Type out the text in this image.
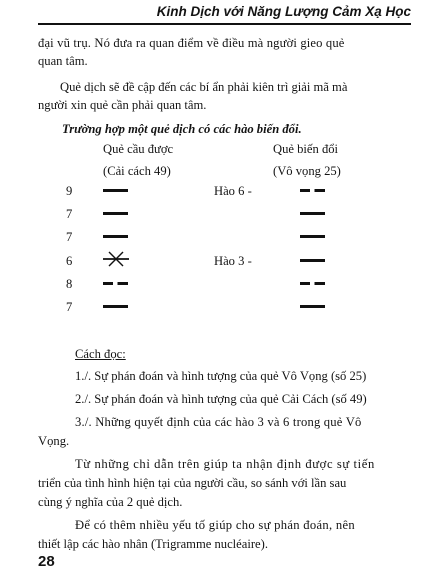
Kinh Dịch với Năng Lượng Cảm Xạ Học

đại vũ trụ. Nó đưa ra quan điểm về điều mà người gieo quẻ

quan tâm.

Quẻ dịch sẽ đề cập đến các bí ẩn phải kiên trì giải mã mà

người xin quẻ cần phải quan tâm.

Trường hợp một quẻ dịch có các hào biến đổi.

Quẻ cầu được
(Cải cách 49)
Quẻ biến đổi
(Vô vọng 25)
9	Hào 6 -
7
7
6	Hào 3 -
8
7

Cách đọc:

1./. Sự phán đoán và hình tượng của quẻ Vô Vọng (số 25)

2./. Sự phán đoán và hình tượng của quẻ Cải Cách (số 49)

3./. Những quyết định của các hào 3 và 6 trong quẻ Vô

Vọng.

Từ những chỉ dẫn trên giúp ta nhận định được sự tiến

triển của tình hình hiện tại của người cầu, so sánh với lần sau

cùng ý nghĩa của 2 quẻ dịch.

Để có thêm nhiều yếu tố giúp cho sự phán đoán, nên

thiết lập các hào nhân (Trigramme nucléaire).

28
